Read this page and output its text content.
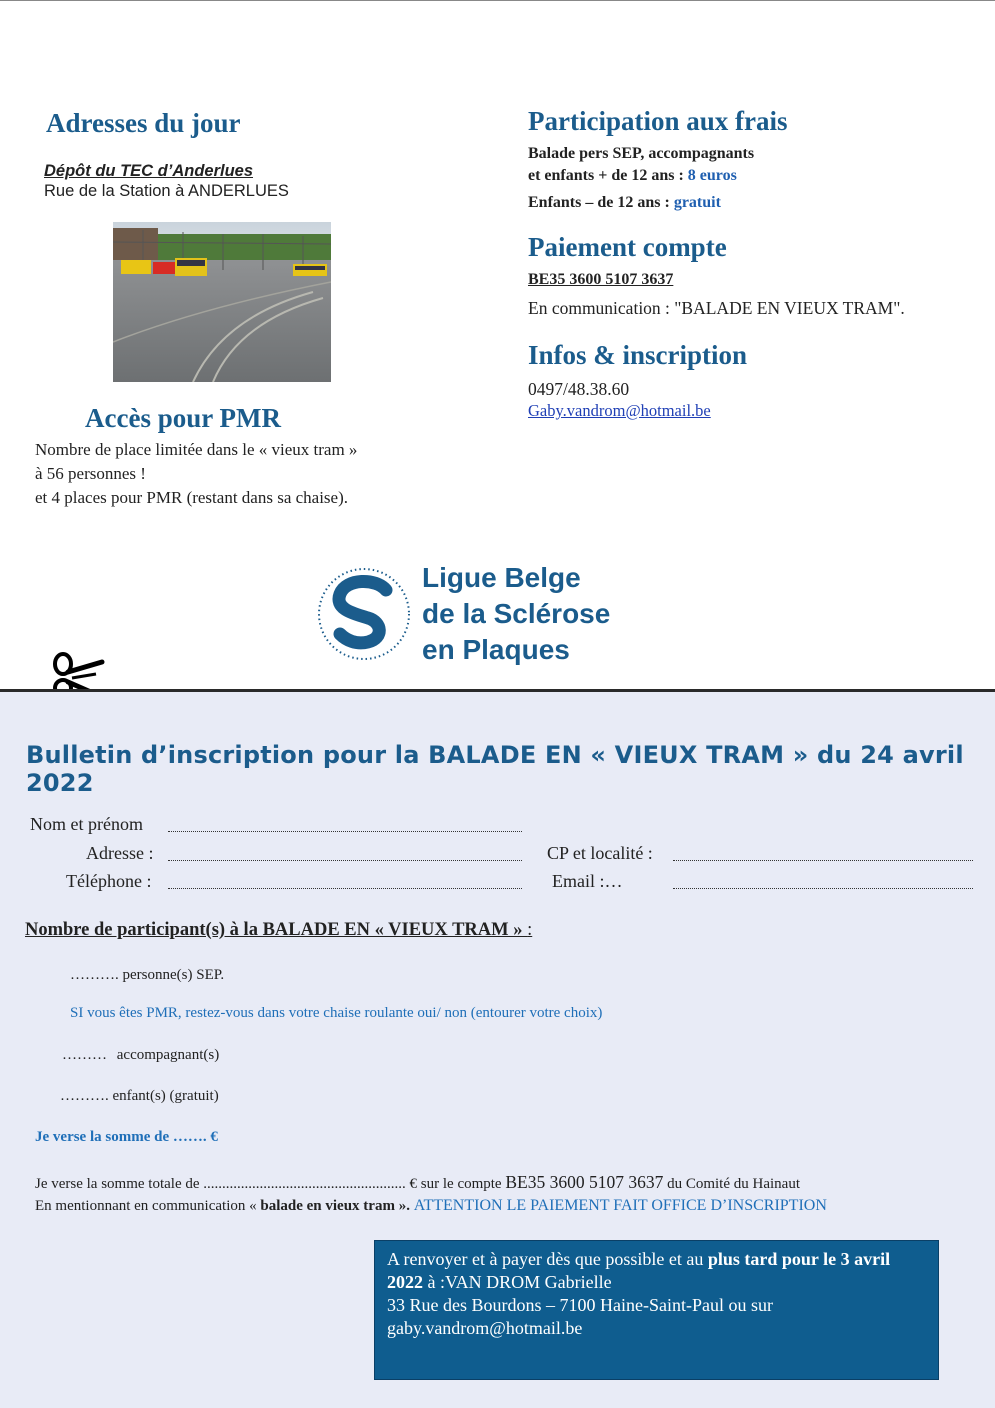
Adresses du jour
Dépôt du TEC d’Anderlues
Rue de la Station à ANDERLUES
Accès pour PMR
Nombre de place limitée dans le « vieux tram »
à 56 personnes !
et 4 places pour PMR (restant dans sa chaise).
Participation aux frais
Balade pers SEP, accompagnants
et enfants + de 12 ans : 8 euros
Enfants – de 12 ans : gratuit
Paiement compte
BE35 3600 5107 3637
En communication : "BALADE EN VIEUX TRAM".
Infos & inscription
0497/48.38.60
Gaby.vandrom@hotmail.be
Ligue Belge
de la Sclérose
en Plaques
Bulletin d’inscription pour la BALADE EN « VIEUX TRAM » du 24 avril 2022
Nom et prénom
Adresse :
Téléphone :
CP et localité :
Email :…
Nombre de participant(s) à la BALADE EN « VIEUX TRAM » :
………. personne(s) SEP.
SI vous êtes PMR, restez-vous dans votre chaise roulante oui/ non (entourer votre choix)
……… accompagnant(s)
………. enfant(s) (gratuit)
Je verse la somme de ……. €
Je verse la somme totale de ...................................................... € sur le compte BE35 3600 5107 3637 du Comité du Hainaut
En mentionnant en communication « balade en vieux tram ». ATTENTION LE PAIEMENT FAIT OFFICE D’INSCRIPTION
A renvoyer et à payer dès que possible et au plus tard pour le 3 avril 2022 à :VAN DROM Gabrielle
33 Rue des Bourdons – 7100 Haine-Saint-Paul ou sur
gaby.vandrom@hotmail.be
